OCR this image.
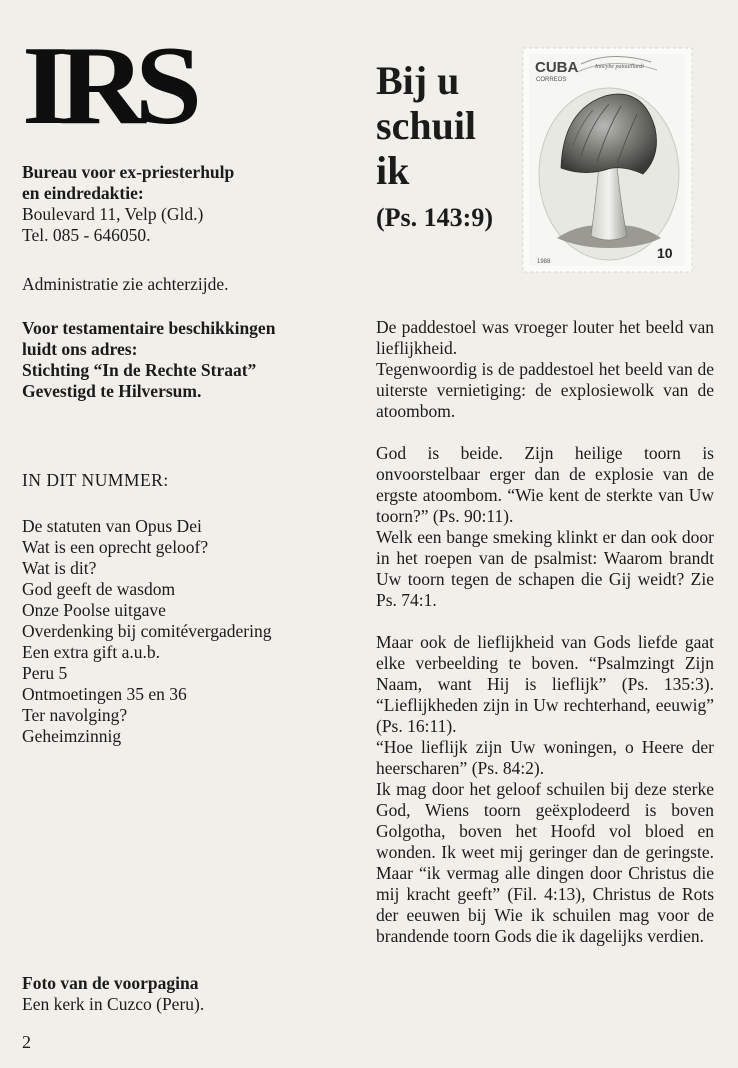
IRS

Bureau voor ex-priesterhulp

en eindredaktie:

Boulevard 11, Velp (Gld.)

Tel. 085 - 646050.

Administratie zie achterzijde.

Voor testamentaire beschikkingen

luidt ons adres:

Stichting “In de Rechte Straat”

Gevestigd te Hilversum.

IN DIT NUMMER:

De statuten van Opus Dei
Wat is een oprecht geloof?
Wat is dit?
God geeft de wasdom
Onze Poolse uitgave
Overdenking bij comitévergadering
Een extra gift a.u.b.
Peru 5
Ontmoetingen 35 en 36
Ter navolging?
Geheimzinnig

Foto van de voorpagina

Een kerk in Cuzco (Peru).

2

Bij u

schuil

ik

(Ps. 143:9)

CUBA
CORREOS
Inocybe patouillardi
10
1988

De paddestoel was vroeger louter het beeld van lieflijkheid.

Tegenwoordig is de paddestoel het beeld van de uiterste vernietiging: de explosiewolk van de atoombom.

God is beide. Zijn heilige toorn is onvoorstelbaar erger dan de explosie van de ergste atoombom. “Wie kent de sterkte van Uw toorn?” (Ps. 90:11).

Welk een bange smeking klinkt er dan ook door in het roepen van de psalmist: Waarom brandt Uw toorn tegen de schapen die Gij weidt? Zie Ps. 74:1.

Maar ook de lieflijkheid van Gods liefde gaat elke verbeelding te boven. “Psalmzingt Zijn Naam, want Hij is lieflijk” (Ps. 135:3). “Lieflijkheden zijn in Uw rechterhand, eeuwig” (Ps. 16:11).

“Hoe lieflijk zijn Uw woningen, o Heere der heerscharen” (Ps. 84:2).

Ik mag door het geloof schuilen bij deze sterke God, Wiens toorn geëxplodeerd is boven Golgotha, boven het Hoofd vol bloed en wonden. Ik weet mij geringer dan de geringste. Maar “ik vermag alle dingen door Christus die mij kracht geeft” (Fil. 4:13), Christus de Rots der eeuwen bij Wie ik schuilen mag voor de brandende toorn Gods die ik dagelijks verdien.
